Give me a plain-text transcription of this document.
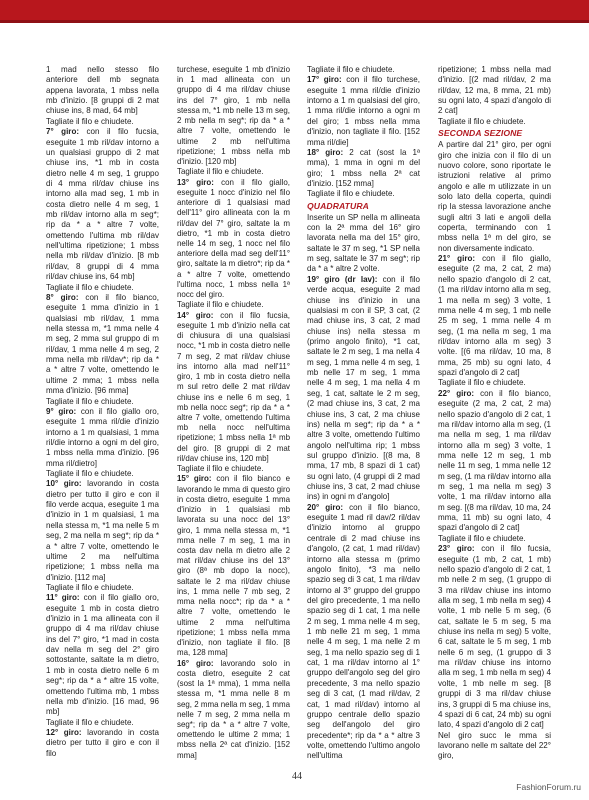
1 mad nello stesso filo anteriore dell mb segnata appena lavorata, 1 mbss nella mb d'inizio. [8 gruppi di 2 mat chiuse ins, 8 mad, 64 mb]

Tagliate il filo e chiudete.

7° giro: con il filo fucsia, eseguite 1 mb ril/dav intorno a un qualsiasi gruppo di 2 mat chiuse ins, *1 mb in costa dietro nelle 4 m seg, 1 gruppo di 4 mma ril/dav chiuse ins intorno alla mad seg, 1 mb in costa dietro nelle 4 m seg, 1 mb ril/dav intorno alla m seg*; rip da * a * altre 7 volte, omettendo l'ultima mb ril/dav nell'ultima ripetizione; 1 mbss nella mb ril/dav d'inizio. [8 mb ril/dav, 8 gruppi di 4 mma ril/dav chiuse ins, 64 mb]

Tagliate il filo e chiudete.

8° giro: con il filo bianco, eseguite 1 mma d'inizio in 1 qualsiasi mb ril/dav, 1 mma nella stessa m, *1 mma nelle 4 m seg, 2 mma sul gruppo di m ril/dav, 1 mma nelle 4 m seg, 2 mma nella mb ril/dav*; rip da * a * altre 7 volte, omettendo le ultime 2 mma; 1 mbss nella mma d'inizio. [96 mma]

Tagliate il filo e chiudete.

9° giro: con il filo giallo oro, eseguite 1 mma ril/die d'inizio intorno a 1 m qualsiasi, 1 mma ril/die intorno a ogni m del giro, 1 mbss nella mma d'inizio. [96 mma ril/dietro]

Tagliate il filo e chiudete.

10° giro: lavorando in costa dietro per tutto il giro e con il filo verde acqua, eseguite 1 ma d'inizio in 1 m qualsiasi, 1 ma nella stessa m, *1 ma nelle 5 m seg, 2 ma nella m seg*; rip da * a * altre 7 volte, omettendo le ultime 2 ma nell'ultima ripetizione; 1 mbss nella ma d'inizio. [112 ma]

Tagliate il filo e chiudete.

11° giro: con il filo giallo oro, eseguite 1 mb in costa dietro d'inizio in 1 ma allineata con il gruppo di 4 ma ril/dav chiuse ins del 7° giro, *1 mad in costa dav nella m seg del 2° giro sottostante, saltate la m dietro, 1 mb in costa dietro nelle 6 m seg*; rip da * a * altre 15 volte, omettendo l'ultima mb, 1 mbss nella mb d'inizio. [16 mad, 96 mb]

Tagliate il filo e chiudete.

12° giro: lavorando in costa dietro per tutto il giro e con il filo

turchese, eseguite 1 mb d'inizio in 1 mad allineata con un gruppo di 4 ma ril/dav chiuse ins del 7° giro, 1 mb nella stessa m, *1 mb nelle 13 m seg, 2 mb nella m seg*; rip da * a * altre 7 volte, omettendo le ultime 2 mb nell'ultima ripetizione; 1 mbss nella mb d'inizio. [120 mb]

Tagliate il filo e chiudete.

13° giro: con il filo giallo, eseguite 1 nocc d'inizio nel filo anteriore di 1 qualsiasi mad dell'11° giro allineata con la m ril/dav del 7° giro, saltate la m dietro, *1 mb in costa dietro nelle 14 m seg, 1 nocc nel filo anteriore della mad seg dell'11° giro, saltate la m dietro*; rip da * a * altre 7 volte, omettendo l'ultima nocc, 1 mbss nella 1ª nocc del giro.

Tagliate il filo e chiudete.

14° giro: con il filo fucsia, eseguite 1 mb d'inizio nella cat di chiusura di una qualsiasi nocc, *1 mb in costa dietro nelle 7 m seg, 2 mat ril/dav chiuse ins intorno alla mad nell'11° giro, 1 mb in costa dietro nella m sul retro delle 2 mat ril/dav chiuse ins e nelle 6 m seg, 1 mb nella nocc seg*; rip da * a * altre 7 volte, omettendo l'ultima mb nella nocc nell'ultima ripetizione; 1 mbss nella 1ª mb del giro. [8 gruppi di 2 mat ril/dav chiuse ins, 120 mb]

Tagliate il filo e chiudete.

15° giro: con il filo bianco e lavorando le mma di questo giro in costa dietro, eseguite 1 mma d'inizio in 1 qualsiasi mb lavorata su una nocc del 13° giro, 1 mma nella stessa m, *1 mma nelle 7 m seg, 1 ma in costa dav nella m dietro alle 2 mat ril/dav chiuse ins del 13° giro (8ª mb dopo la nocc), saltate le 2 ma ril/dav chiuse ins, 1 mma nelle 7 mb seg, 2 mma nella nocc*; rip da * a * altre 7 volte, omettendo le ultime 2 mma nell'ultima ripetizione; 1 mbss nella mma d'inizio, non tagliate il filo. [8 ma, 128 mma]

16° giro: lavorando solo in costa dietro, eseguite 2 cat (sost la 1ª mma), 1 mma nella stessa m, *1 mma nelle 8 m seg, 2 mma nella m seg, 1 mma nelle 7 m seg, 2 mma nella m seg*; rip da * a * altre 7 volte, omettendo le ultime 2 mma; 1 mbss nella 2ª cat d'inizio. [152 mma]

Tagliate il filo e chiudete.

17° giro: con il filo turchese, eseguite 1 mma ril/die d'inizio intorno a 1 m qualsiasi del giro, 1 mma ril/die intorno a ogni m del giro; 1 mbss nella mma d'inizio, non tagliate il filo. [152 mma ril/die]

18° giro: 2 cat (sost la 1ª mma), 1 mma in ogni m del giro; 1 mbss nella 2ª cat d'inizio. [152 mma]

Tagliate il filo e chiudete.

QUADRATURA

Inserite un SP nella m allineata con la 2ª mma del 16° giro lavorata nella ma del 15° giro, saltate le 37 m seg, *1 SP nella m seg, saltate le 37 m seg*; rip da * a * altre 2 volte.

19° giro (dr lav): con il filo verde acqua, eseguite 2 mad chiuse ins d'inizio in una qualsiasi m con il SP, 3 cat, (2 mad chiuse ins, 3 cat, 2 mad chiuse ins) nella stessa m (primo angolo finito), *1 cat, saltate le 2 m seg, 1 ma nella 4 m seg, 1 mma nelle 4 m seg, 1 mb nelle 17 m seg, 1 mma nelle 4 m seg, 1 ma nella 4 m seg, 1 cat, saltate le 2 m seg, (2 mad chiuse ins, 3 cat, 2 ma chiuse ins, 3 cat, 2 ma chiuse ins) nella m seg*; rip da * a * altre 3 volte, omettendo l'ultimo angolo nell'ultima rip; 1 mbss sul gruppo d'inizio. [(8 ma, 8 mma, 17 mb, 8 spazi di 1 cat) su ogni lato, (4 gruppi di 2 mad chiuse ins, 3 cat, 2 mad chiuse ins) in ogni m d'angolo]

20° giro: con il filo bianco, eseguite 1 mad ril dav/2 ril/dav d'inizio intorno al gruppo centrale di 2 mad chiuse ins d'angolo, (2 cat, 1 mad ril/dav) intorno alla stessa m (primo angolo finito), *3 ma nello spazio seg di 3 cat, 1 ma ril/dav intorno al 3° gruppo del gruppo del giro precedente, 1 ma nello spazio seg di 1 cat, 1 ma nelle 2 m seg, 1 mma nelle 4 m seg, 1 mb nelle 21 m seg, 1 mma nelle 4 m seg, 1 ma nelle 2 m seg, 1 ma nello spazio seg di 1 cat, 1 ma ril/dav intorno al 1° gruppo dell'angolo seg del giro precedente, 3 ma nello spazio seg di 3 cat, (1 mad ril/dav, 2 cat, 1 mad ril/dav) intorno al gruppo centrale dello spazio seg dell'angolo del giro precedente*; rip da * a * altre 3 volte, omettendo l'ultimo angolo nell'ultima

ripetizione; 1 mbss nella mad d'inizio. [(2 mad ril/dav, 2 ma ril/dav, 12 ma, 8 mma, 21 mb) su ogni lato, 4 spazi d'angolo di 2 cat]

Tagliate il filo e chiudete.

SECONDA SEZIONE

A partire dal 21° giro, per ogni giro che inizia con il filo di un nuovo colore, sono riportate le istruzioni relative al primo angolo e alle m utilizzate in un solo lato della coperta, quindi rip la stessa lavorazione anche sugli altri 3 lati e angoli della coperta, terminando con 1 mbss nella 1ª m del giro, se non diversamente indicato.

21° giro: con il filo giallo, eseguite (2 ma, 2 cat, 2 ma) nello spazio d'angolo di 2 cat, (1 ma ril/dav intorno alla m seg, 1 ma nella m seg) 3 volte, 1 mma nelle 4 m seg, 1 mb nelle 25 m seg, 1 mma nelle 4 m seg, (1 ma nella m seg, 1 ma ril/dav intorno alla m seg) 3 volte. [(6 ma ril/dav, 10 ma, 8 mma, 25 mb) su ogni lato, 4 spazi d'angolo di 2 cat]

Tagliate il filo e chiudete.

22° giro: con il filo bianco, eseguite (2 ma, 2 cat, 2 ma) nello spazio d'angolo di 2 cat, 1 ma ril/dav intorno alla m seg, (1 ma nella m seg, 1 ma ril/dav intorno alla m seg) 3 volte, 1 mma nelle 12 m seg, 1 mb nelle 11 m seg, 1 mma nelle 12 m seg, (1 ma ril/dav intorno alla m seg, 1 ma nella m seg) 3 volte, 1 ma ril/dav intorno alla m seg. [(8 ma ril/dav, 10 ma, 24 mma, 11 mb) su ogni lato, 4 spazi d'angolo di 2 cat]

Tagliate il filo e chiudete.

23° giro: con il filo fucsia, eseguite (1 mb, 2 cat, 1 mb) nello spazio d'angolo di 2 cat, 1 mb nelle 2 m seg, (1 gruppo di 3 ma ril/dav chiuse ins intorno alla m seg, 1 mb nella m seg) 4 volte, 1 mb nelle 5 m seg, (6 cat, saltate le 5 m seg, 5 ma chiuse ins nella m seg) 5 volte, 6 cat, saltate le 5 m seg, 1 mb nelle 6 m seg, (1 gruppo di 3 ma ril/dav chiuse ins intorno alla m seg, 1 mb nella m seg) 4 volte, 1 mb nelle m seg. [8 gruppi di 3 ma ril/dav chiuse ins, 3 gruppi di 5 ma chiuse ins, 4 spazi di 6 cat, 24 mb) su ogni lato, 4 spazi d'angolo di 2 cat]

Nel giro succ le mma si lavorano nelle m saltate del 22° giro,

44
FashionForum.ru
